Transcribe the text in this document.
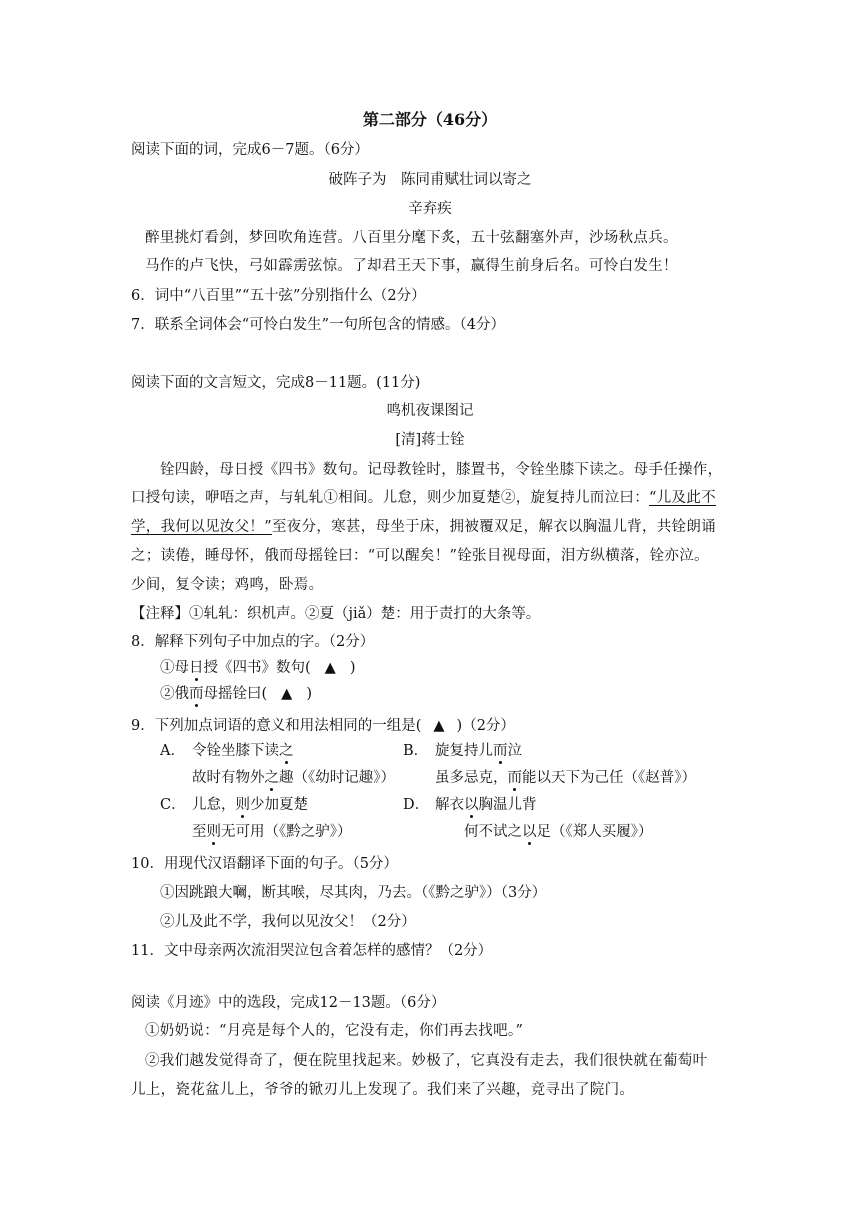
第二部分（46分）
阅读下面的词，完成6－7题。（6分）
破阵子为　陈同甫赋壮词以寄之
辛弃疾
醉里挑灯看剑，梦回吹角连营。八百里分麾下炙，五十弦翻塞外声，沙场秋点兵。
马作的卢飞快，弓如霹雳弦惊。了却君王天下事，赢得生前身后名。可怜白发生！
6．词中“八百里”“五十弦”分别指什么（2分）
7．联系全词体会“可怜白发生”一句所包含的情感。（4分）
阅读下面的文言短文，完成8－11题。(11分)
鸣机夜课图记
[清]蒋士铨
铨四龄，母日授《四书》数句。记母教铨时，膝置书，令铨坐膝下读之。母手任操作，
口授句读，咿唔之声，与轧轧①相间。儿怠，则少加夏楚②，旋复持儿而泣曰：“儿及此不
学，我何以见汝父！”至夜分，寒甚，母坐于床，拥被覆双足，解衣以胸温儿背，共铨朗诵
之；读倦，睡母怀，俄而母摇铨曰：“可以醒矣！”铨张目视母面，泪方纵横落，铨亦泣。
少间，复令读；鸡鸣，卧焉。
【注释】①轧轧：织机声。②夏（jiǎ）楚：用于责打的大条等。
8．解释下列句子中加点的字。（2分）
①母日授《四书》数句( ▲ )
②俄而母摇铨曰( ▲ )
9．下列加点词语的意义和用法相同的一组是( ▲ )（2分）
A． 令铨坐膝下读之	B． 旋复持儿而泣
故时有物外之趣（《幼时记趣》）	虽多忌克，而能以天下为己任（《赵普》）
C． 儿怠，则少加夏楚	D． 解衣以胸温儿背
至则无可用（《黔之驴》）	何不试之以足（《郑人买履》）
10．用现代汉语翻译下面的句子。（5分）
①因跳踉大㘎，断其喉，尽其肉，乃去。（《黔之驴》）（3分）
②儿及此不学，我何以见汝父！（2分）
11．文中母亲两次流泪哭泣包含着怎样的感情？（2分）
阅读《月迹》中的选段，完成12－13题。（6分）
①奶奶说：“月亮是每个人的，它没有走，你们再去找吧。”
②我们越发觉得奇了，便在院里找起来。妙极了，它真没有走去，我们很快就在葡萄叶
儿上，瓷花盆儿上，爷爷的锨刃儿上发现了。我们来了兴趣，竞寻出了院门。
